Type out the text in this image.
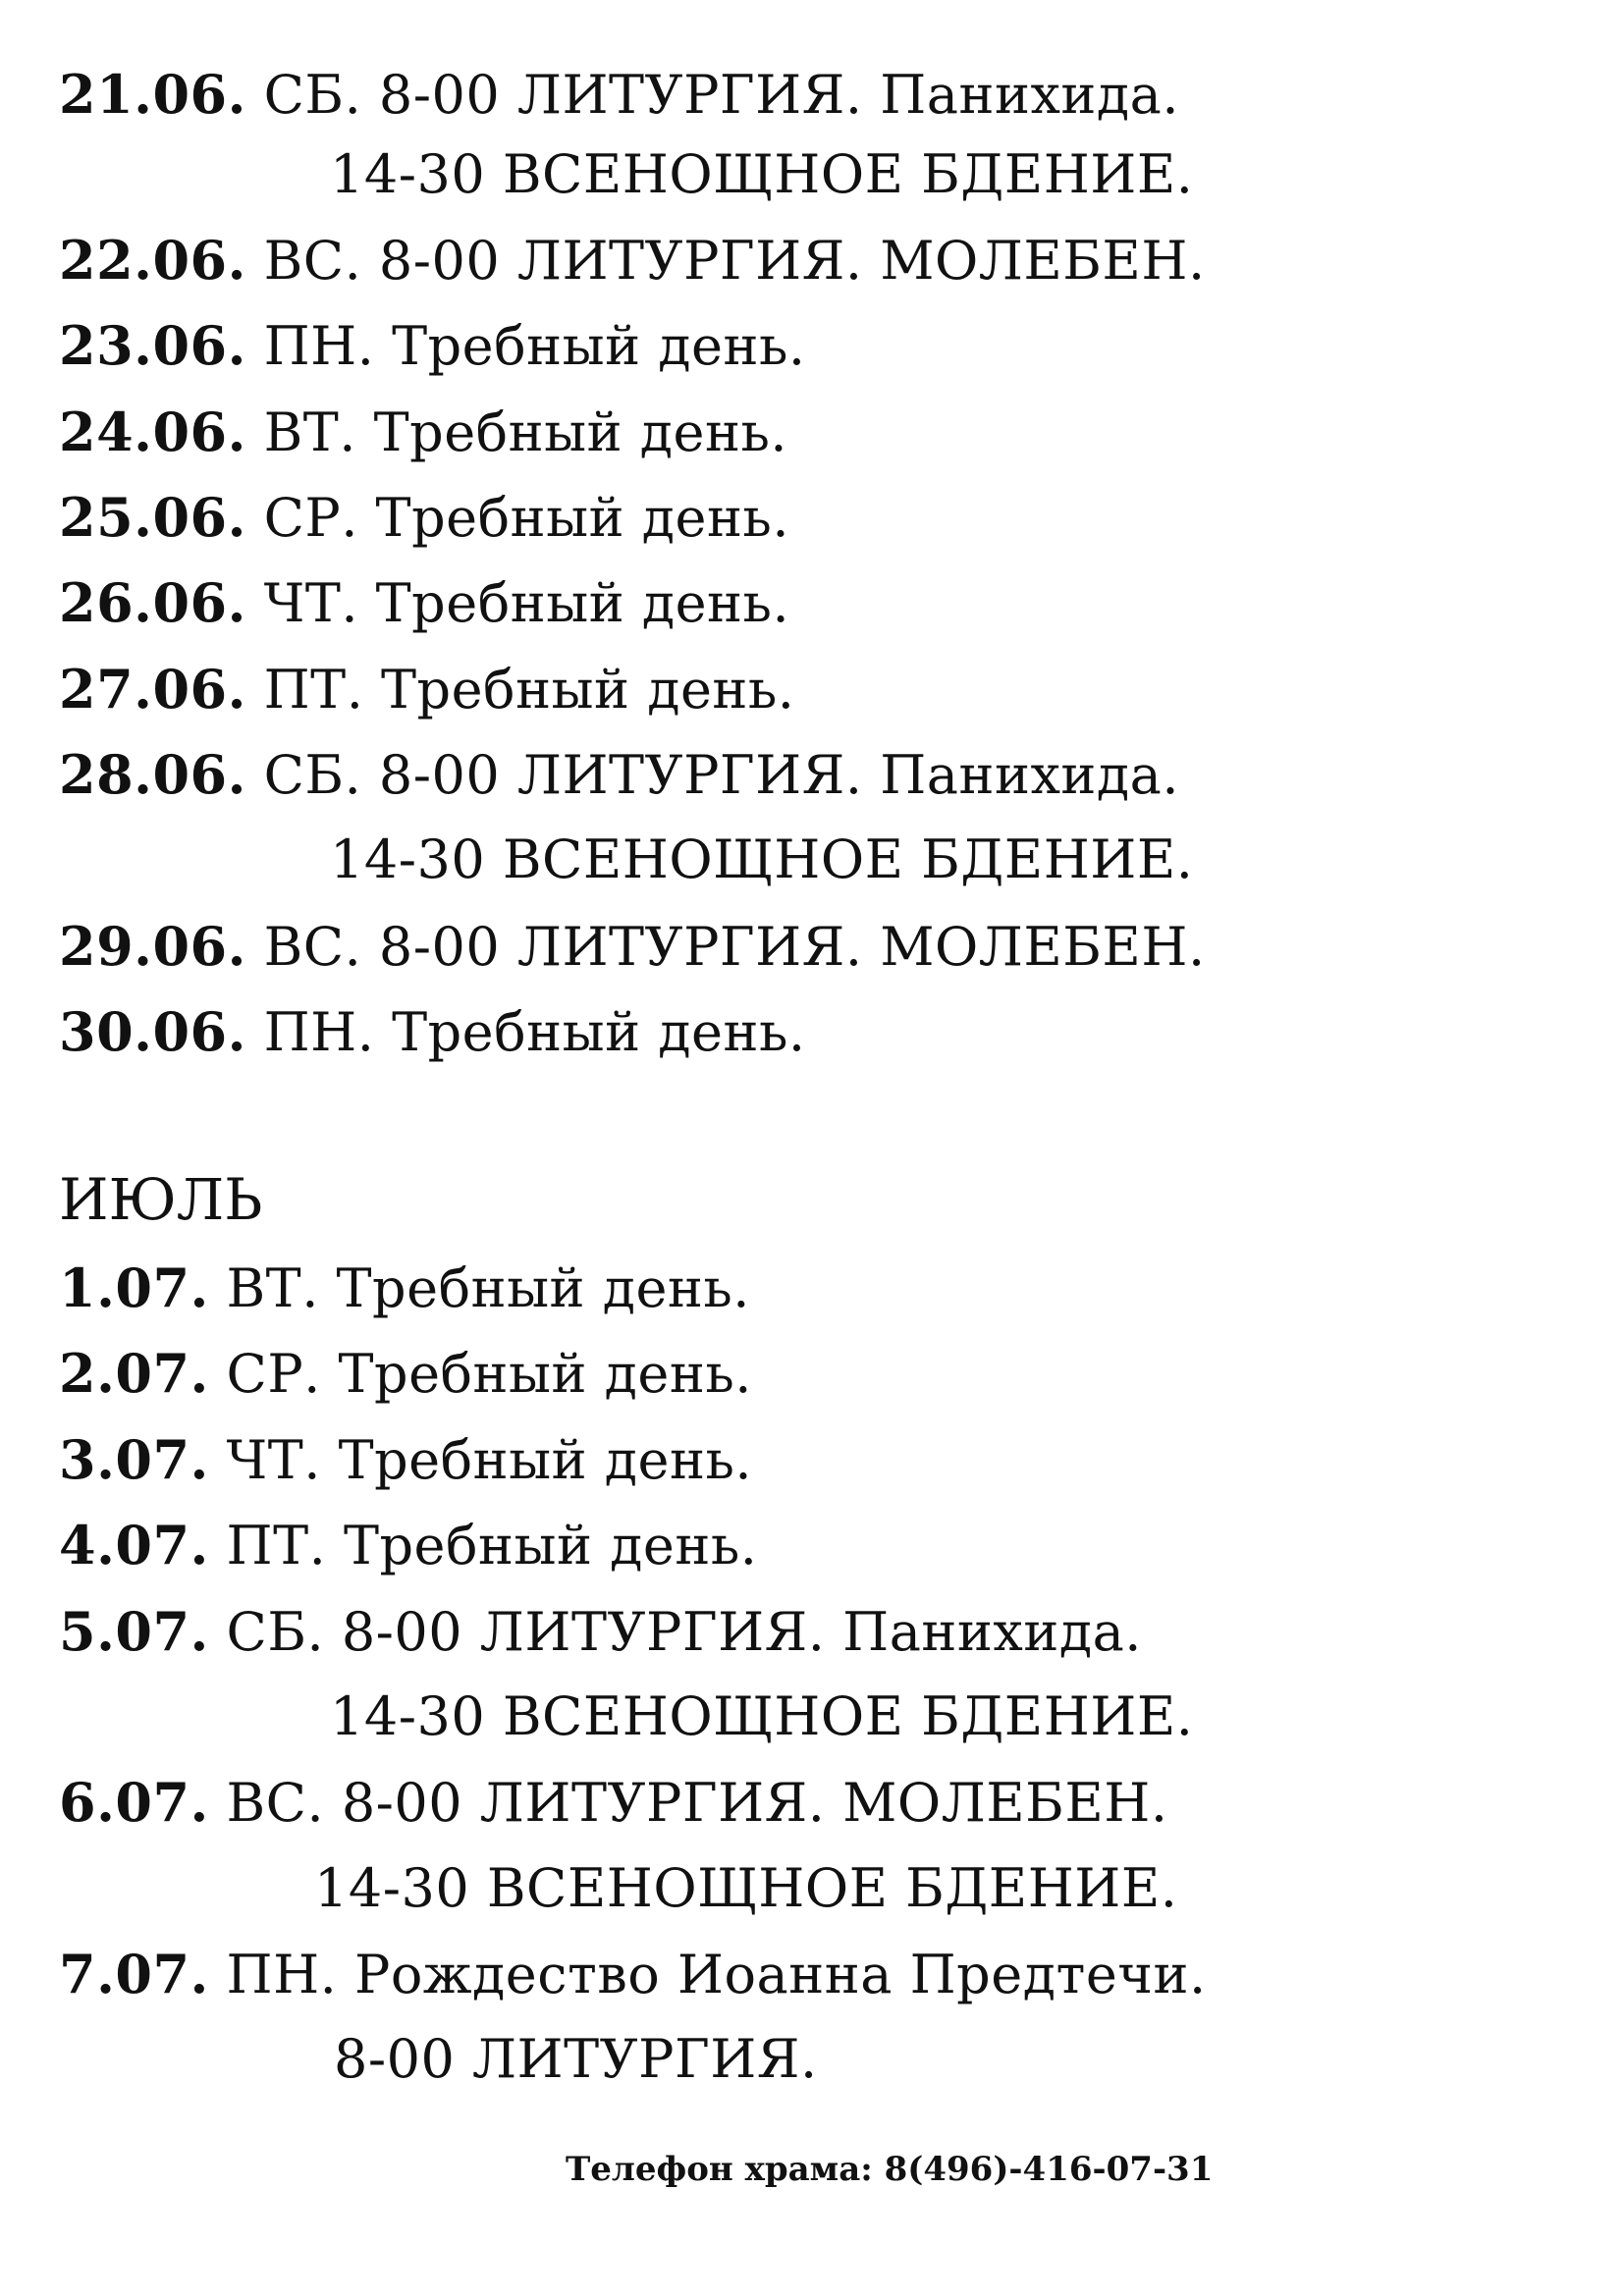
21.06. СБ. 8-00 ЛИТУРГИЯ. Панихида.
14-30 ВСЕНОЩНОЕ БДЕНИЕ.
22.06. ВС. 8-00 ЛИТУРГИЯ. МОЛЕБЕН.
23.06. ПН. Требный день.
24.06. ВТ. Требный день.
25.06. СР. Требный день.
26.06. ЧТ. Требный день.
27.06. ПТ. Требный день.
28.06. СБ. 8-00 ЛИТУРГИЯ. Панихида.
14-30 ВСЕНОЩНОЕ БДЕНИЕ.
29.06. ВС. 8-00 ЛИТУРГИЯ. МОЛЕБЕН.
30.06. ПН. Требный день.
ИЮЛЬ
1.07. ВТ. Требный день.
2.07. СР. Требный день.
3.07. ЧТ. Требный день.
4.07. ПТ. Требный день.
5.07. СБ. 8-00 ЛИТУРГИЯ. Панихида.
14-30 ВСЕНОЩНОЕ БДЕНИЕ.
6.07. ВС. 8-00 ЛИТУРГИЯ. МОЛЕБЕН.
14-30 ВСЕНОЩНОЕ БДЕНИЕ.
7.07. ПН. Рождество Иоанна Предтечи.
8-00 ЛИТУРГИЯ.
Телефон храма: 8(496)-416-07-31
